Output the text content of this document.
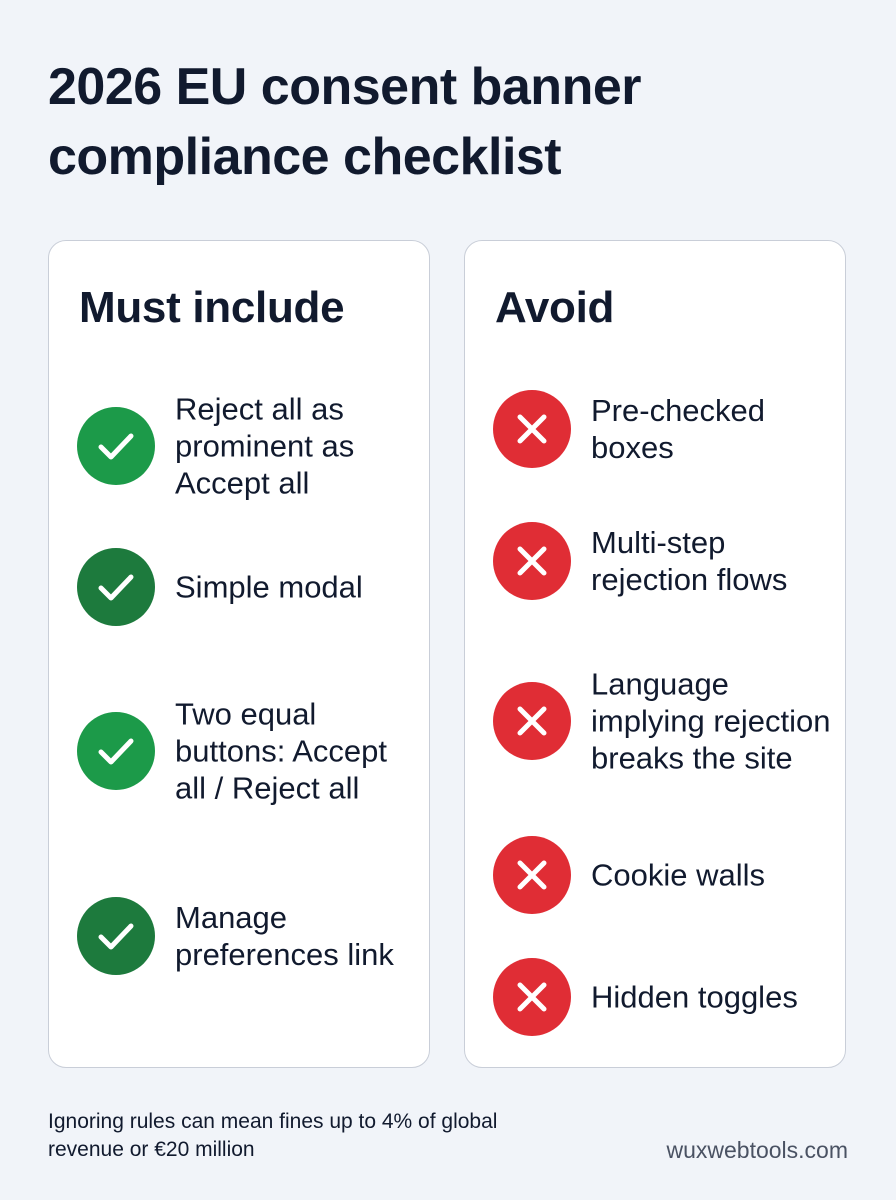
2026 EU consent banner compliance checklist
Must include
Reject all as prominent as Accept all
Simple modal
Two equal buttons: Accept all / Reject all
Manage preferences link
Avoid
Pre-checked boxes
Multi-step rejection flows
Language implying rejection breaks the site
Cookie walls
Hidden toggles
Ignoring rules can mean fines up to 4% of global revenue or €20 million	wuxwebtools.com
